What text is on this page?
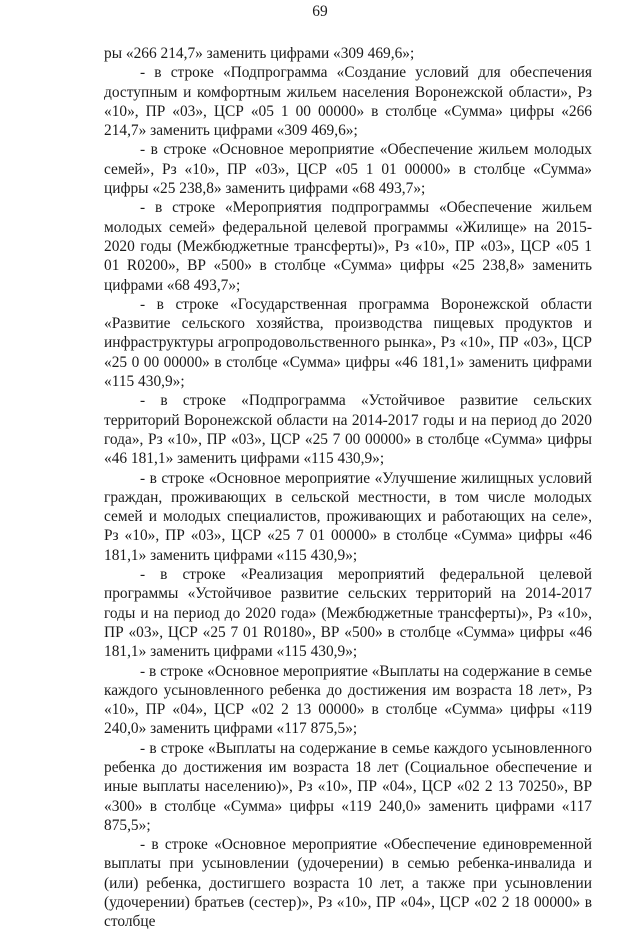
69

ры «266 214,7» заменить цифрами «309 469,6»;

- в строке «Подпрограмма «Создание условий для обеспечения доступным и комфортным жильем населения Воронежской области», Рз «10», ПР «03», ЦСР «05 1 00 00000» в столбце «Сумма» цифры «266 214,7» заменить цифрами «309 469,6»;

- в строке «Основное мероприятие «Обеспечение жильем молодых семей», Рз «10», ПР «03», ЦСР «05 1 01 00000» в столбце «Сумма» цифры «25 238,8» заменить цифрами «68 493,7»;

- в строке «Мероприятия подпрограммы «Обеспечение жильем молодых семей» федеральной целевой программы «Жилище» на 2015-2020 годы (Межбюджетные трансферты)», Рз «10», ПР «03», ЦСР «05 1 01 R0200», ВР «500» в столбце «Сумма» цифры «25 238,8» заменить цифрами «68 493,7»;

- в строке «Государственная программа Воронежской области «Развитие сельского хозяйства, производства пищевых продуктов и инфраструктуры агропродовольственного рынка», Рз «10», ПР «03», ЦСР «25 0 00 00000» в столбце «Сумма» цифры «46 181,1» заменить цифрами «115 430,9»;

- в строке «Подпрограмма «Устойчивое развитие сельских территорий Воронежской области на 2014-2017 годы и на период до 2020 года», Рз «10», ПР «03», ЦСР «25 7 00 00000» в столбце «Сумма» цифры «46 181,1» заменить цифрами «115 430,9»;

- в строке «Основное мероприятие «Улучшение жилищных условий граждан, проживающих в сельской местности, в том числе молодых семей и молодых специалистов, проживающих и работающих на селе», Рз «10», ПР «03», ЦСР «25 7 01 00000» в столбце «Сумма» цифры «46 181,1» заменить цифрами «115 430,9»;

- в строке «Реализация мероприятий федеральной целевой программы «Устойчивое развитие сельских территорий на 2014-2017 годы и на период до 2020 года» (Межбюджетные трансферты)», Рз «10», ПР «03», ЦСР «25 7 01 R0180», ВР «500» в столбце «Сумма» цифры «46 181,1» заменить цифрами «115 430,9»;

- в строке «Основное мероприятие «Выплаты на содержание в семье каждого усыновленного ребенка до достижения им возраста 18 лет», Рз «10», ПР «04», ЦСР «02 2 13 00000» в столбце «Сумма» цифры «119 240,0» заменить цифрами «117 875,5»;

- в строке «Выплаты на содержание в семье каждого усыновленного ребенка до достижения им возраста 18 лет (Социальное обеспечение и иные выплаты населению)», Рз «10», ПР «04», ЦСР «02 2 13 70250», ВР «300» в столбце «Сумма» цифры «119 240,0» заменить цифрами «117 875,5»;

- в строке «Основное мероприятие «Обеспечение единовременной выплаты при усыновлении (удочерении) в семью ребенка-инвалида и (или) ребенка, достигшего возраста 10 лет, а также при усыновлении (удочерении) братьев (сестер)», Рз «10», ПР «04», ЦСР «02 2 18 00000» в столбце
